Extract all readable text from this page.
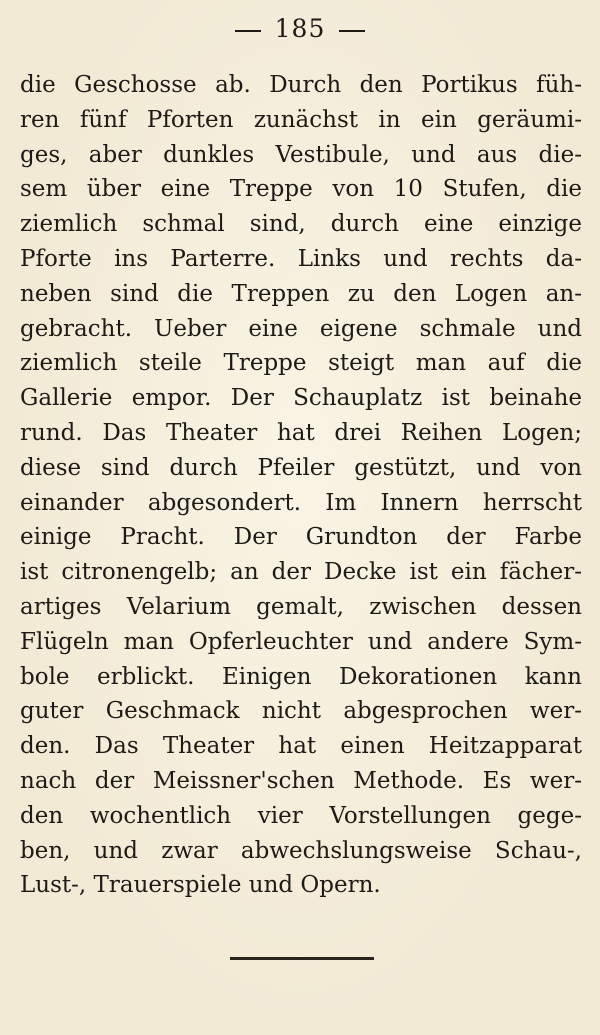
185
die Geschosse ab. Durch den Portikus füh-
ren fünf Pforten zunächst in ein geräumi-
ges, aber dunkles Vestibule, und aus die-
sem über eine Treppe von 10 Stufen, die
ziemlich schmal sind, durch eine einzige
Pforte ins Parterre. Links und rechts da-
neben sind die Treppen zu den Logen an-
gebracht. Ueber eine eigene schmale und
ziemlich steile Treppe steigt man auf die
Gallerie empor. Der Schauplatz ist beinahe
rund. Das Theater hat drei Reihen Logen;
diese sind durch Pfeiler gestützt, und von
einander abgesondert. Im Innern herrscht
einige Pracht. Der Grundton der Farbe
ist citronengelb; an der Decke ist ein fächer-
artiges Velarium gemalt, zwischen dessen
Flügeln man Opferleuchter und andere Sym-
bole erblickt. Einigen Dekorationen kann
guter Geschmack nicht abgesprochen wer-
den. Das Theater hat einen Heitzapparat
nach der Meissner'schen Methode. Es wer-
den wochentlich vier Vorstellungen gege-
ben, und zwar abwechslungsweise Schau-,
Lust-, Trauerspiele und Opern.
